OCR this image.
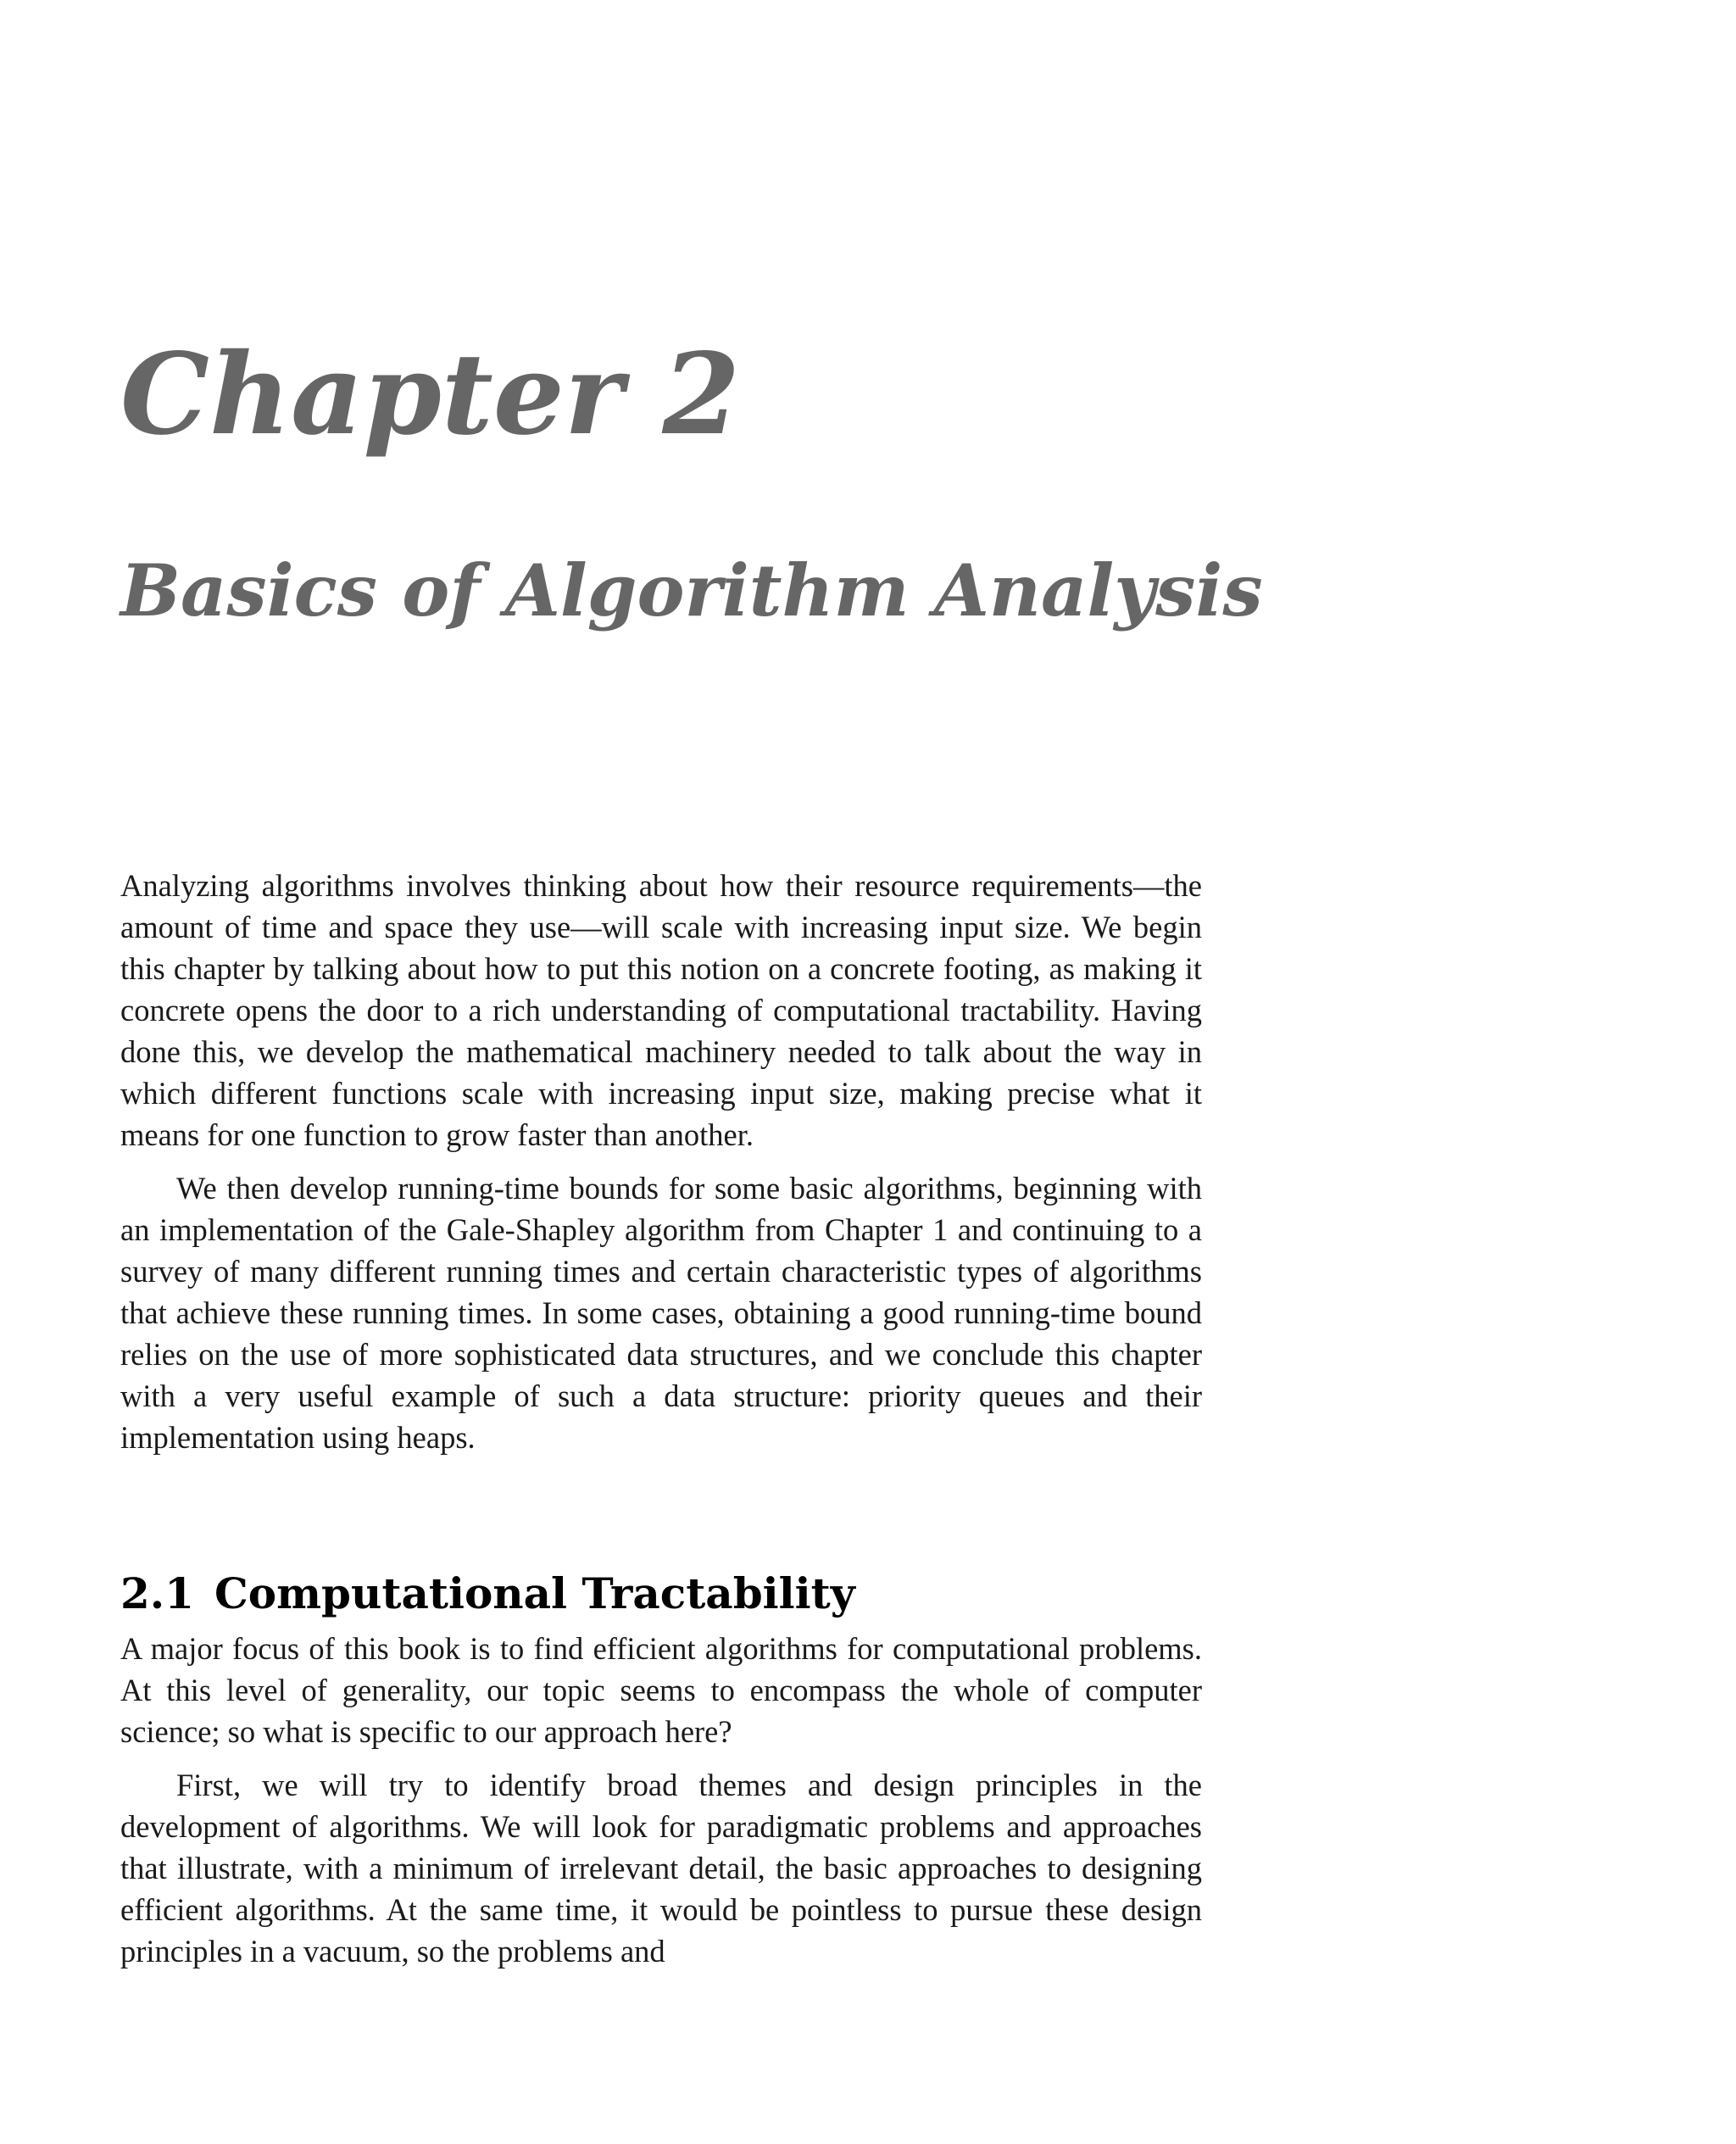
Chapter 2
Basics of Algorithm Analysis

Analyzing algorithms involves thinking about how their resource requirements—the amount of time and space they use—will scale with increasing input size. We begin this chapter by talking about how to put this notion on a concrete footing, as making it concrete opens the door to a rich understanding of computational tractability. Having done this, we develop the mathematical machinery needed to talk about the way in which different functions scale with increasing input size, making precise what it means for one function to grow faster than another.

We then develop running-time bounds for some basic algorithms, beginning with an implementation of the Gale-Shapley algorithm from Chapter 1 and continuing to a survey of many different running times and certain characteristic types of algorithms that achieve these running times. In some cases, obtaining a good running-time bound relies on the use of more sophisticated data structures, and we conclude this chapter with a very useful example of such a data structure: priority queues and their implementation using heaps.

2.1 Computational Tractability

A major focus of this book is to find efficient algorithms for computational problems. At this level of generality, our topic seems to encompass the whole of computer science; so what is specific to our approach here?

First, we will try to identify broad themes and design principles in the development of algorithms. We will look for paradigmatic problems and approaches that illustrate, with a minimum of irrelevant detail, the basic approaches to designing efficient algorithms. At the same time, it would be pointless to pursue these design principles in a vacuum, so the problems and
